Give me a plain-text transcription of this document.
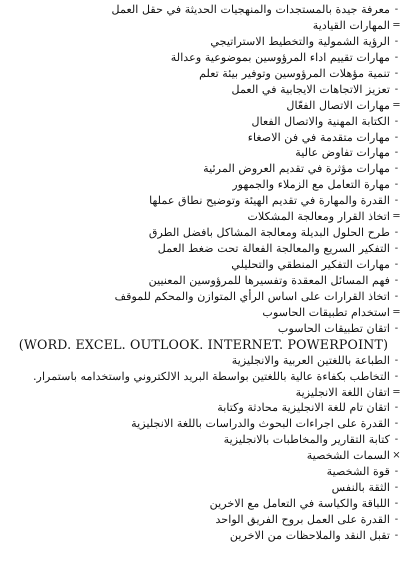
-
معرفة جيدة بالمستجدات والمنهجيات الحديثة في حقل العمل
=
المهارات القيادية
-
الرؤية الشمولية والتخطيط الاستراتيجي
-
مهارات تقييم اداء المرؤوسين بموضوعية وعدالة
-
تنمية مؤهلات المرؤوسين وتوفير بيئة تعلم
-
تعزيز الاتجاهات الايجابية في العمل
=
مهارات الاتصال الفعّال
-
الكتابة المهنية والاتصال الفعال
-
مهارات متقدمة في فن الاصغاء
-
مهارات تفاوض عالية
-
مهارات مؤثرة في تقديم العروض المرئية
-
مهارة التعامل مع الزملاء والجمهور
-
القدرة والمهارة في تقديم الهيئة وتوضيح نطاق عملها
=
اتخاذ القرار ومعالجة المشكلات
-
طرح الحلول البديلة ومعالجة المشاكل بافضل الطرق
-
التفكير السريع والمعالجة الفعالة تحت ضغط العمل
-
مهارات التفكير المنطقي والتحليلي
-
فهم المسائل المعقدة وتفسيرها للمرؤوسين المعنيين
-
اتخاذ القرارات على اساس الرأي المتوازن والمحكم للموقف
=
استخدام تطبيقات الحاسوب
-
اتقان تطبيقات الحاسوب
(WORD. EXCEL. OUTLOOK. INTERNET. POWERPOINT)
-
الطباعة باللغتين العربية والانجليزية
-
التخاطب بكفاءة عالية باللغتين بواسطة البريد الالكتروني واستخدامه باستمرار.
=
اتقان اللغة الانجليزية
-
اتقان تام للغة الانجليزية محادثة وكتابة
-
القدرة على اجراءات البحوث والدراسات باللغة الانجليزية
-
كتابة التقارير والمخاطبات بالانجليزية
×
السمات الشخصية
-
قوة الشخصية
-
الثقة بالنفس
-
اللباقة والكياسة في التعامل مع الاخرين
-
القدرة على العمل بروح الفريق الواحد
-
تقبل النقد والملاحظات من الاخرين
